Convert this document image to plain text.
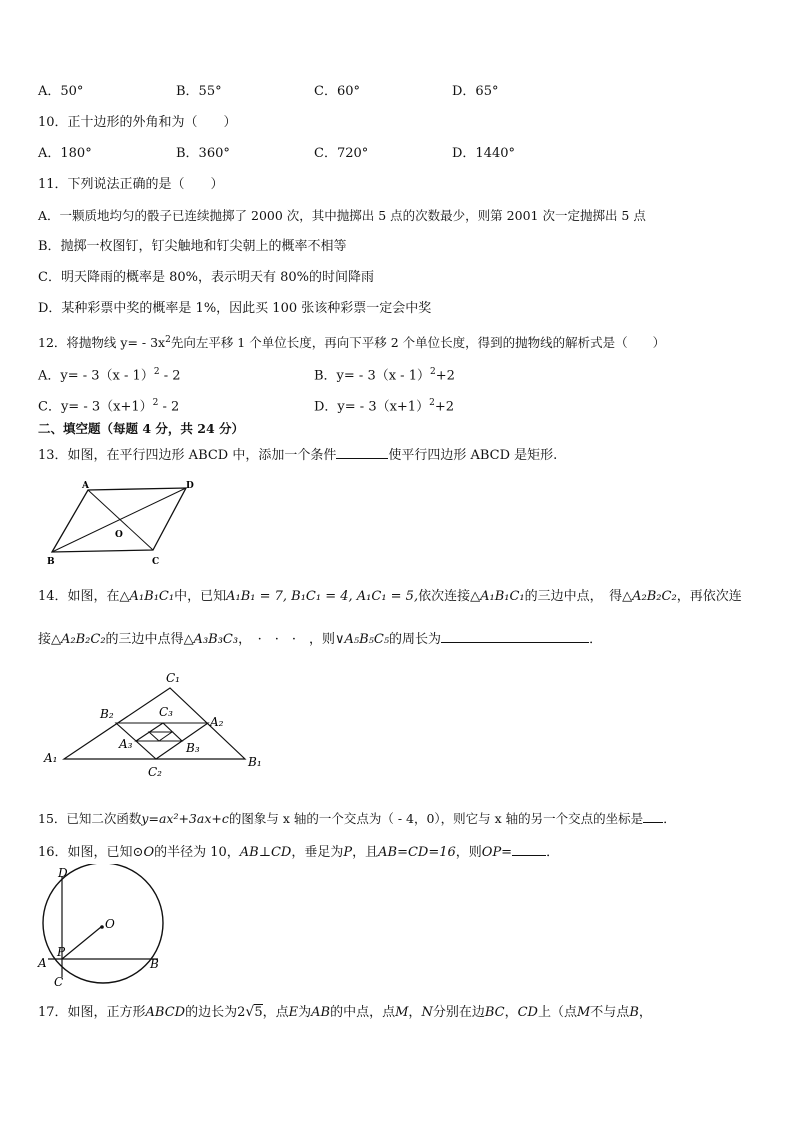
A．50°	B．55°	C．60°	D．65°
10．正十边形的外角和为（　　）
A．180°	B．360°	C．720°	D．1440°
11．下列说法正确的是（　　）
A．一颗质地均匀的骰子已连续抛掷了 2000 次，其中抛掷出 5 点的次数最少，则第 2001 次一定抛掷出 5 点
B．抛掷一枚图钉，钉尖触地和钉尖朝上的概率不相等
C．明天降雨的概率是 80%，表示明天有 80%的时间降雨
D．某种彩票中奖的概率是 1%，因此买 100 张该种彩票一定会中奖
12．将抛物线 $y= - 3x^2$先向左平移 1 个单位长度，再向下平移 2 个单位长度，得到的抛物线的解析式是（　　）
A．y= - 3（x - 1）$^2$ - 2	B．y= - 3（x - 1）$^2$+2
C．$y= - 3(x+1)^2 - 2$	D．$y= - 3(x+1)^2+2$
二、填空题（每题 4 分，共 24 分）
13．如图，在平行四边形 ABCD 中，添加一个条件	使平行四边形 ABCD 是矩形.
A	D
O
B	C
14．如图，在△A₁B₁C₁中，已知A₁B₁ = 7, B₁C₁ = 4, A₁C₁ = 5,依次连接△A₁B₁C₁的三边中点，　得△A₂B₂C₂，再依次连
接△A₂B₂C₂的三边中点得△A₃B₃C₃，　·　·　·　，则∨A₅B₅C₅的周长为	．
C₁
B₂	C₃
A₂
A₃	B₃
A₁	B₁
C₂
15．已知二次函数y=ax²+3ax+c的图象与 x 轴的一个交点为（ - 4，0），则它与 x 轴的另一个交点的坐标是 ．
16．如图，已知⊙O的半径为 10，AB⊥CD，垂足为P，且AB=CD=16，则OP=	．
D
O
P
A	B
C
17．如图，正方形ABCD的边长为2√5，点E为AB的中点，点M，N分别在边BC，CD上（点M不与点B，
